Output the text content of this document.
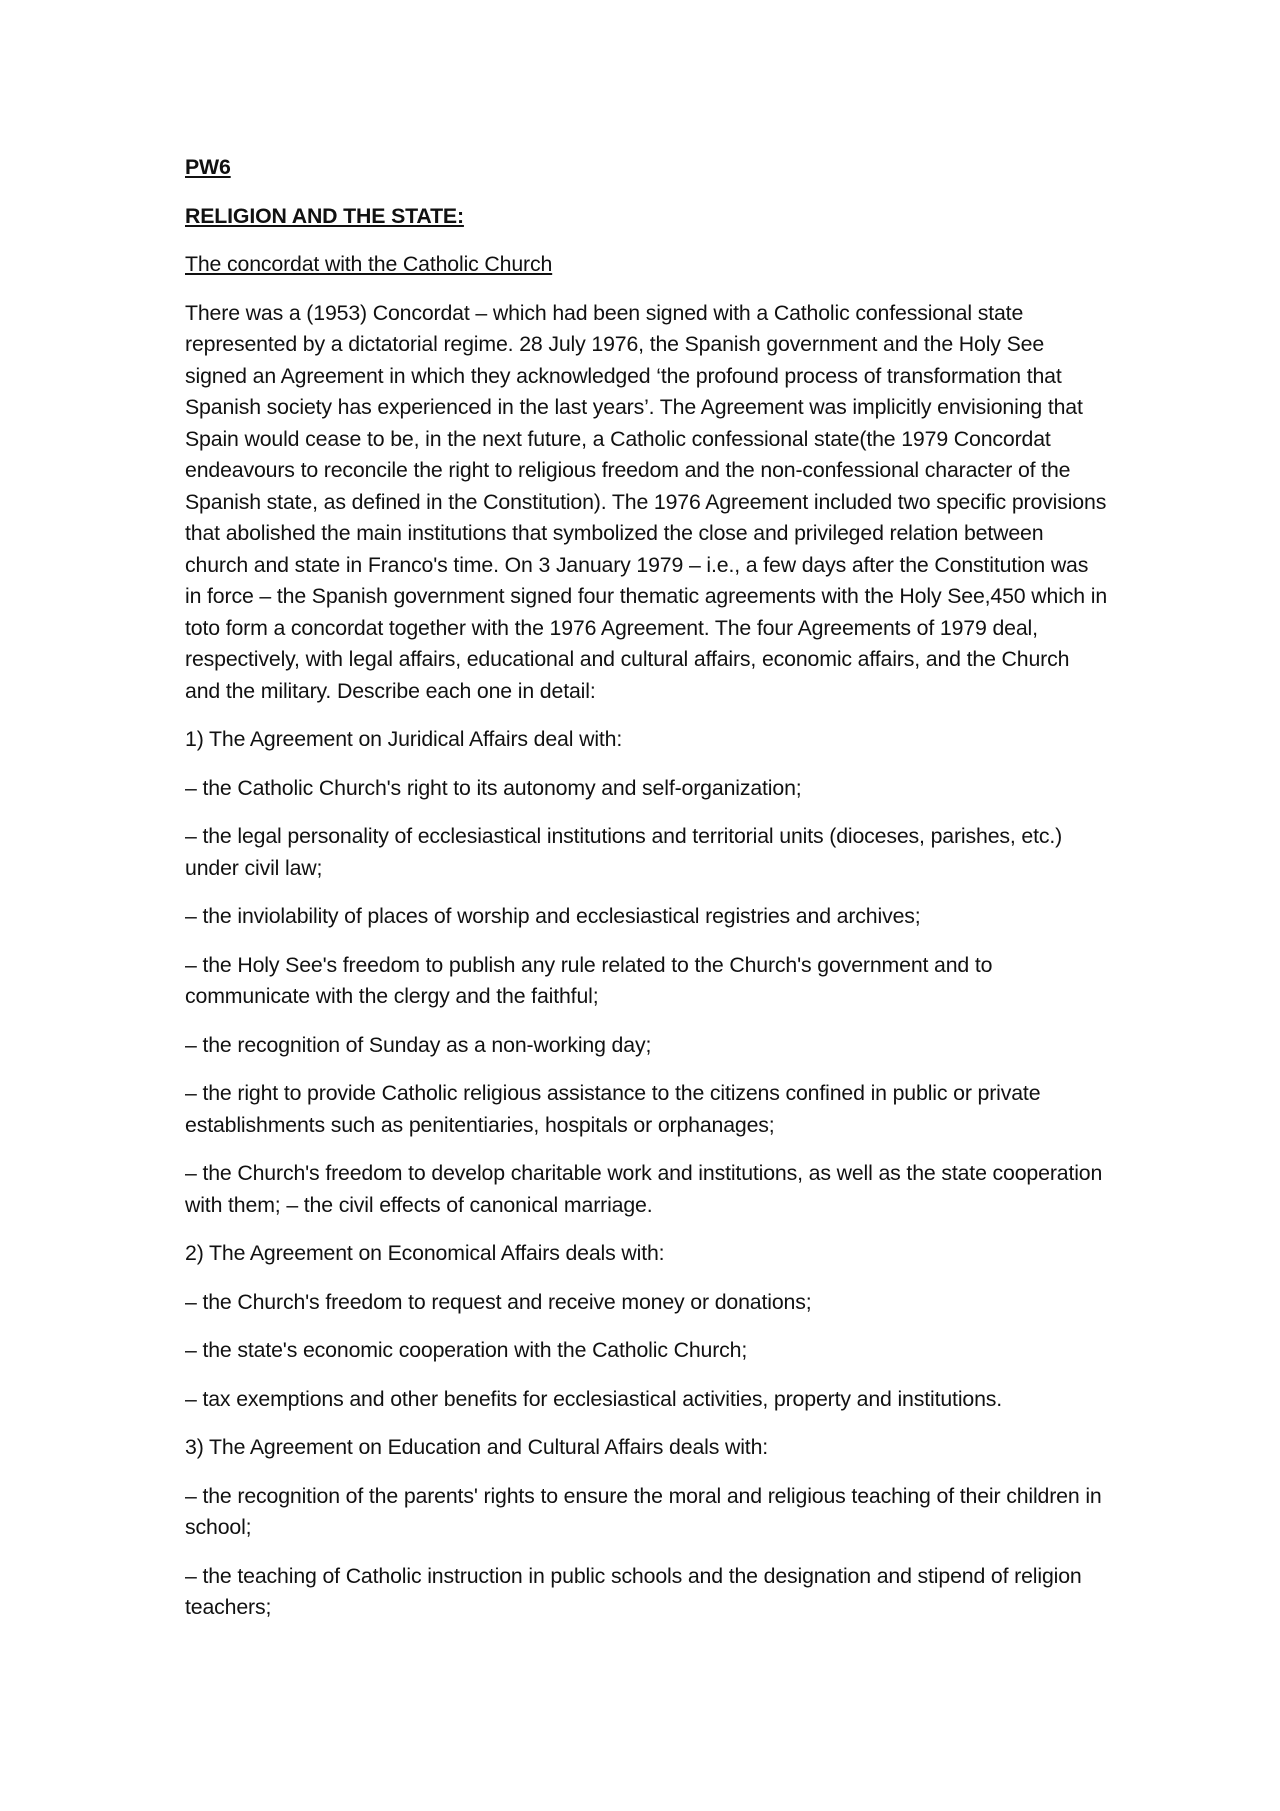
PW6

RELIGION AND THE STATE:

The concordat with the Catholic Church

There was a (1953) Concordat – which had been signed with a Catholic confessional state represented by a dictatorial regime. 28 July 1976, the Spanish government and the Holy See signed an Agreement in which they acknowledged ‘the profound process of transformation that Spanish society has experienced in the last years’. The Agreement was implicitly envisioning that Spain would cease to be, in the next future, a Catholic confessional state(the 1979 Concordat endeavours to reconcile the right to religious freedom and the non-confessional character of the Spanish state, as defined in the Constitution). The 1976 Agreement included two specific provisions that abolished the main institutions that symbolized the close and privileged relation between church and state in Franco's time. On 3 January 1979 – i.e., a few days after the Constitution was in force – the Spanish government signed four thematic agreements with the Holy See,450 which in toto form a concordat together with the 1976 Agreement. The four Agreements of 1979 deal, respectively, with legal affairs, educational and cultural affairs, economic affairs, and the Church and the military. Describe each one in detail:

1) The Agreement on Juridical Affairs deal with:

– the Catholic Church's right to its autonomy and self-organization;

– the legal personality of ecclesiastical institutions and territorial units (dioceses, parishes, etc.) under civil law;

– the inviolability of places of worship and ecclesiastical registries and archives;

– the Holy See's freedom to publish any rule related to the Church's government and to communicate with the clergy and the faithful;

– the recognition of Sunday as a non-working day;

– the right to provide Catholic religious assistance to the citizens confined in public or private establishments such as penitentiaries, hospitals or orphanages;

– the Church's freedom to develop charitable work and institutions, as well as the state cooperation with them; – the civil effects of canonical marriage.

2) The Agreement on Economical Affairs deals with:

– the Church's freedom to request and receive money or donations;

– the state's economic cooperation with the Catholic Church;

– tax exemptions and other benefits for ecclesiastical activities, property and institutions.

3) The Agreement on Education and Cultural Affairs deals with:

– the recognition of the parents' rights to ensure the moral and religious teaching of their children in school;

– the teaching of Catholic instruction in public schools and the designation and stipend of religion teachers;
